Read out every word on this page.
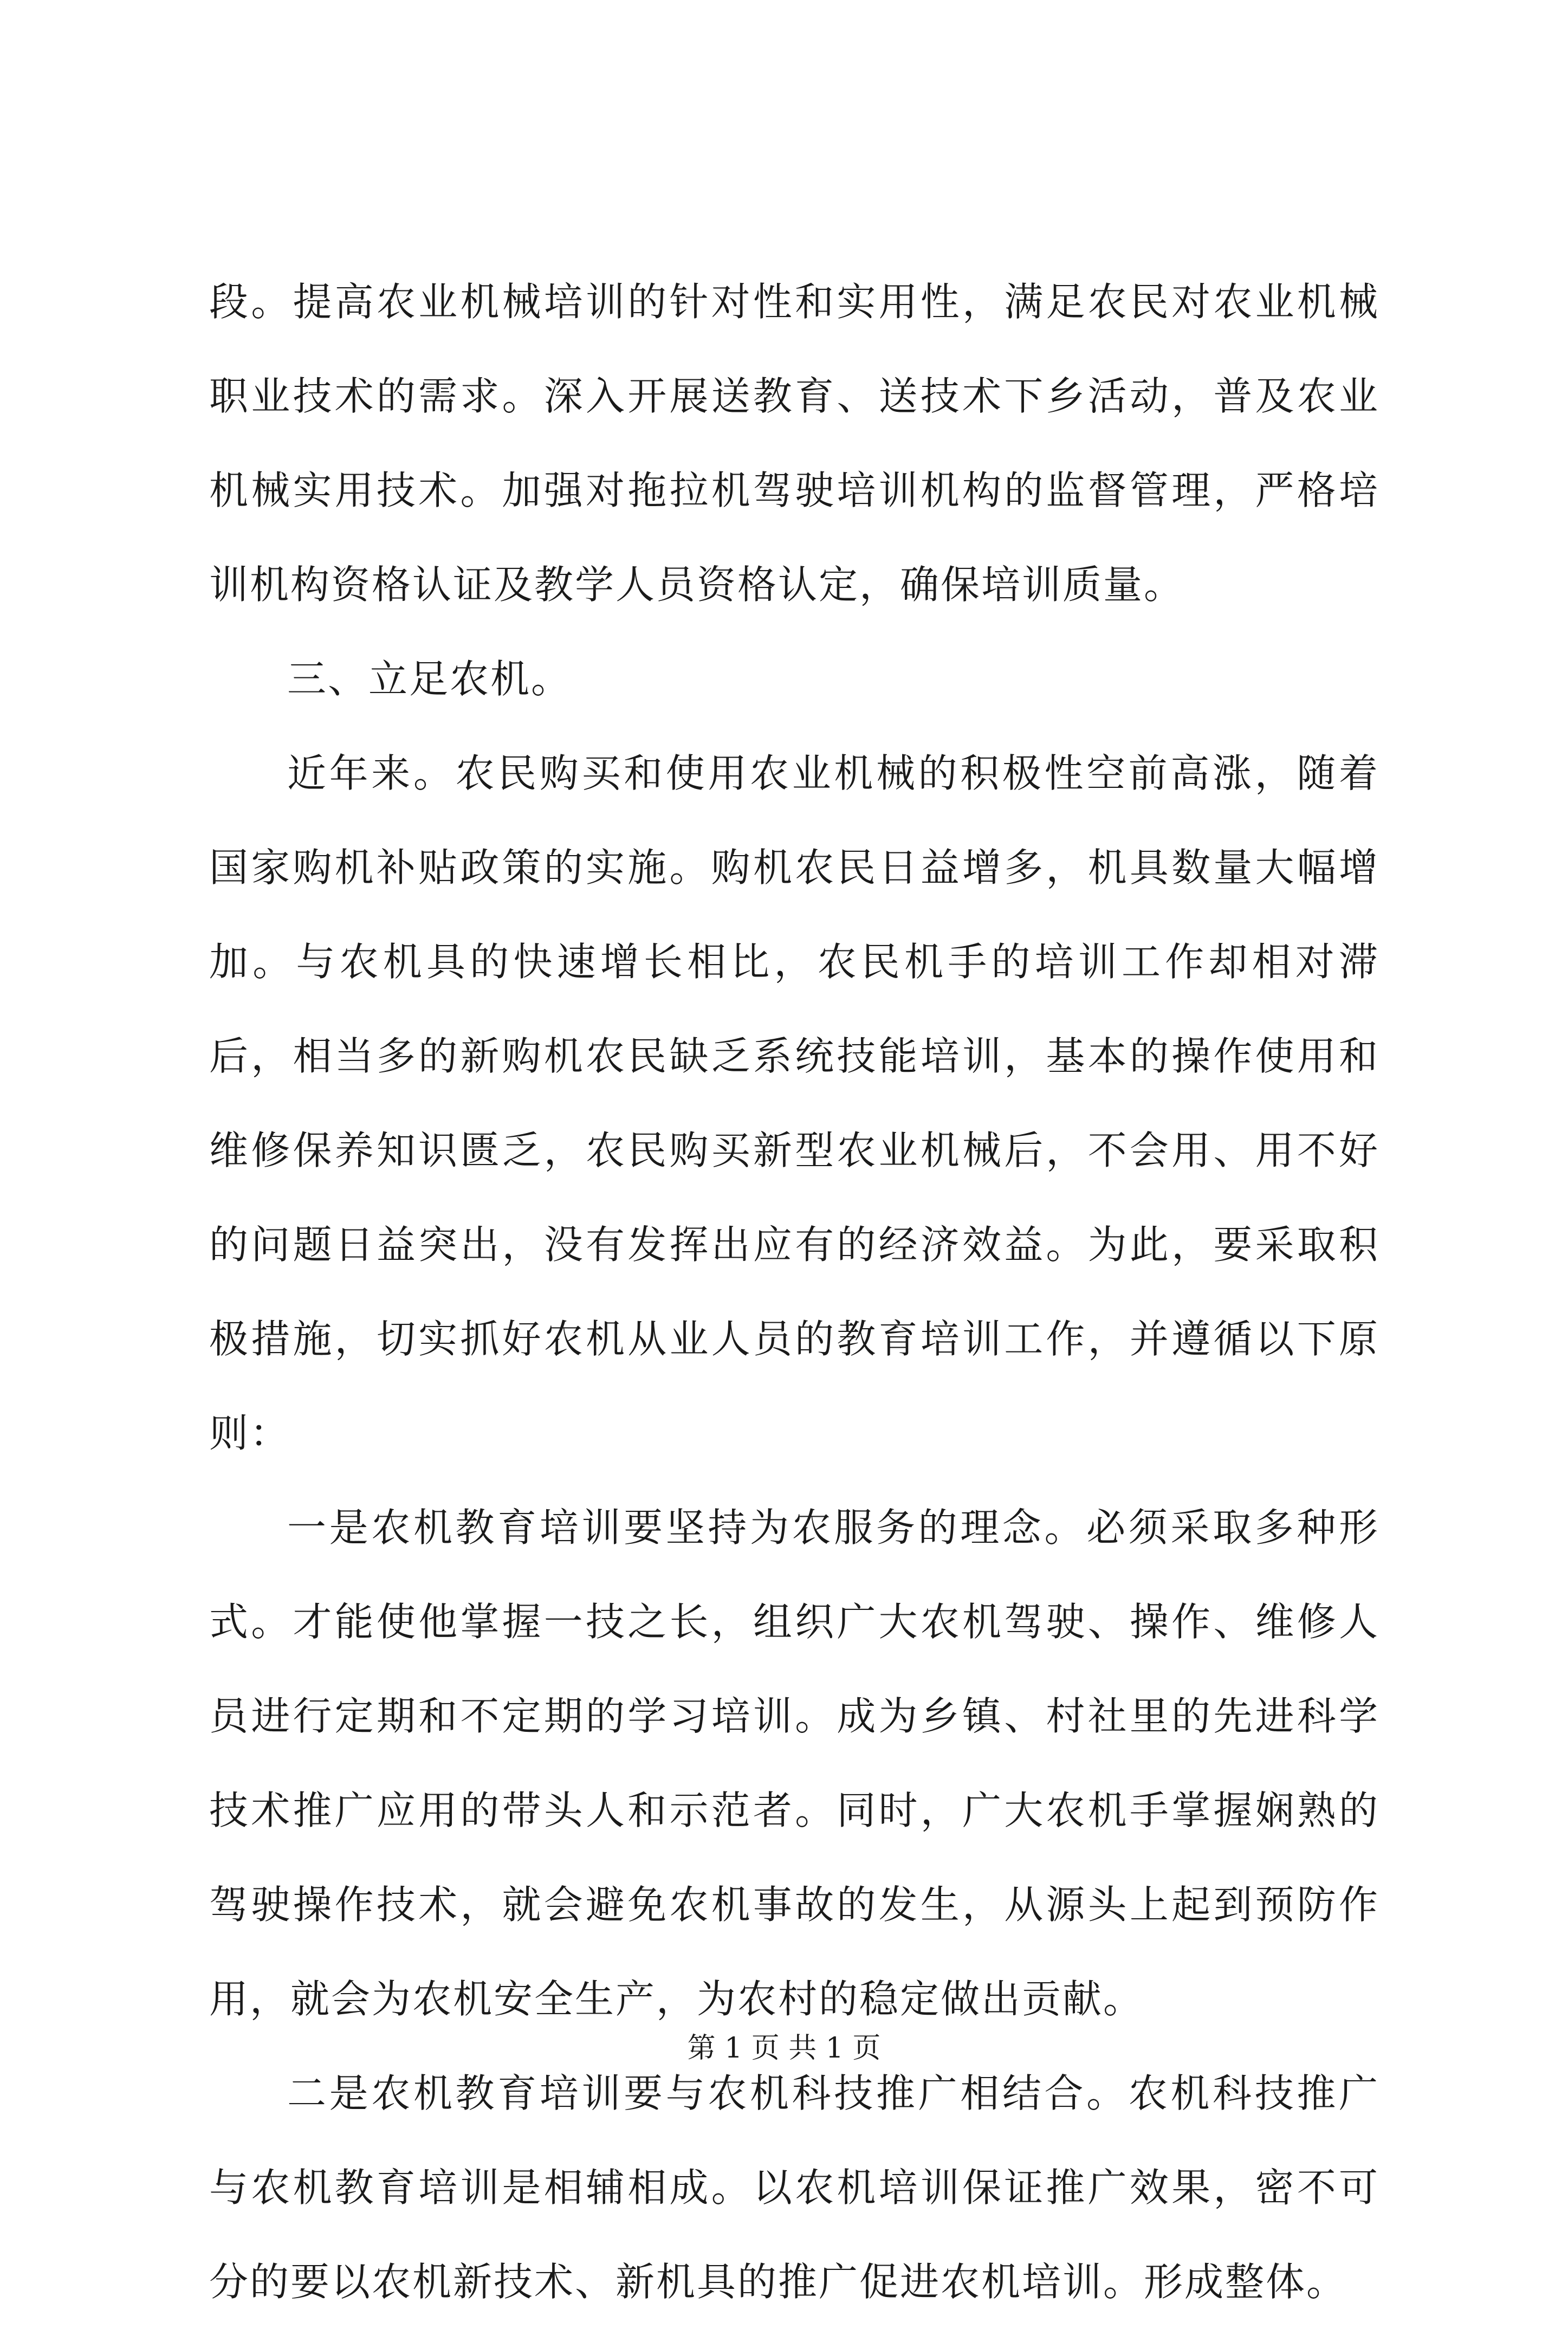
段。提高农业机械培训的针对性和实用性，满足农民对农业机械职业技术的需求。深入开展送教育、送技术下乡活动，普及农业机械实用技术。加强对拖拉机驾驶培训机构的监督管理，严格培训机构资格认证及教学人员资格认定，确保培训质量。

三、立足农机。

近年来。农民购买和使用农业机械的积极性空前高涨，随着国家购机补贴政策的实施。购机农民日益增多，机具数量大幅增加。与农机具的快速增长相比，农民机手的培训工作却相对滞后，相当多的新购机农民缺乏系统技能培训，基本的操作使用和维修保养知识匮乏，农民购买新型农业机械后，不会用、用不好的问题日益突出，没有发挥出应有的经济效益。为此，要采取积极措施，切实抓好农机从业人员的教育培训工作，并遵循以下原则：

一是农机教育培训要坚持为农服务的理念。必须采取多种形式。才能使他掌握一技之长，组织广大农机驾驶、操作、维修人员进行定期和不定期的学习培训。成为乡镇、村社里的先进科学技术推广应用的带头人和示范者。同时，广大农机手掌握娴熟的驾驶操作技术，就会避免农机事故的发生，从源头上起到预防作用，就会为农机安全生产，为农村的稳定做出贡献。

二是农机教育培训要与农机科技推广相结合。农机科技推广与农机教育培训是相辅相成。以农机培训保证推广效果，密不可分的要以农机新技术、新机具的推广促进农机培训。形成整体。

第 1 页 共 1 页
